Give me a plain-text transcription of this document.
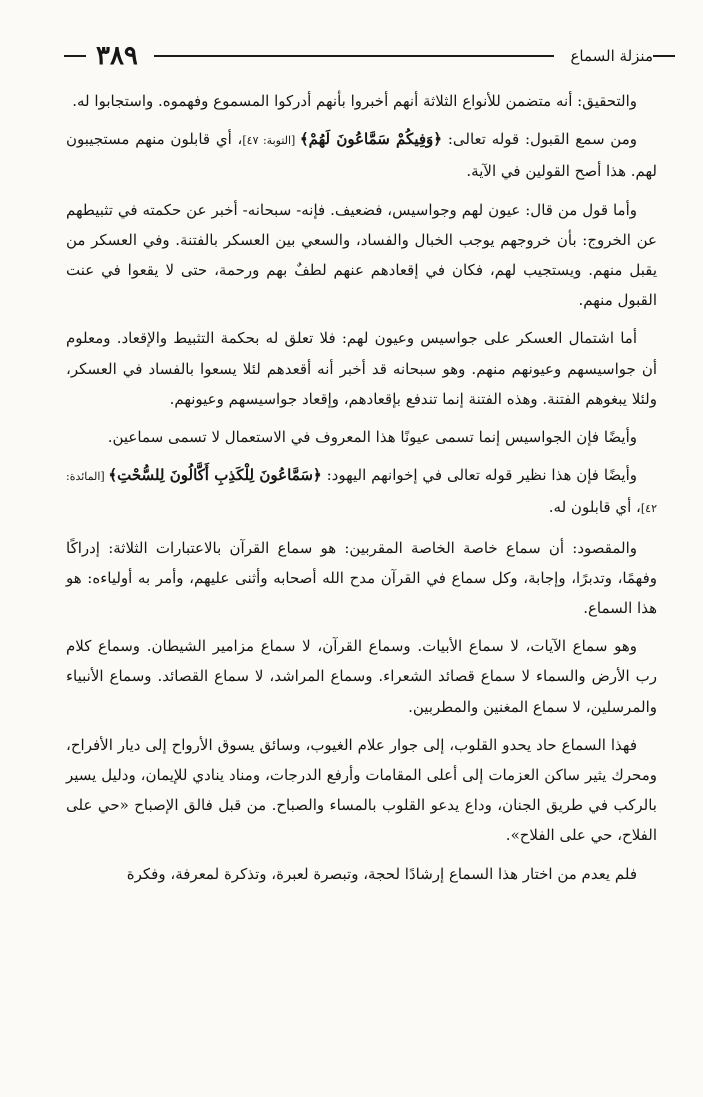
منزلة السماع
٣٨٩

والتحقيق: أنه متضمن للأنواع الثلاثة أنهم أخبروا بأنهم أدركوا المسموع وفهموه. واستجابوا له.

ومن سمع القبول: قوله تعالى: ﴿وَفِيكُمْ سَمَّاعُونَ لَهُمْ﴾ [التوبة: ٤٧]، أي قابلون منهم مستجيبون لهم. هذا أصح القولين في الآية.

وأما قول من قال: عيون لهم وجواسيس، فضعيف. فإنه- سبحانه- أخبر عن حكمته في تثبيطهم عن الخروج: بأن خروجهم يوجب الخبال والفساد، والسعي بين العسكر بالفتنة. وفي العسكر من يقبل منهم. ويستجيب لهم، فكان في إقعادهم عنهم لطفٌ بهم ورحمة، حتى لا يقعوا في عنت القبول منهم.

أما اشتمال العسكر على جواسيس وعيون لهم: فلا تعلق له بحكمة التثبيط والإقعاد. ومعلوم أن جواسيسهم وعيونهم منهم. وهو سبحانه قد أخبر أنه أقعدهم لئلا يسعوا بالفساد في العسكر، ولئلا يبغوهم الفتنة. وهذه الفتنة إنما تندفع بإقعادهم، وإقعاد جواسيسهم وعيونهم.

وأيضًا فإن الجواسيس إنما تسمى عيونًا هذا المعروف في الاستعمال لا تسمى سماعين.

وأيضًا فإن هذا نظير قوله تعالى في إخوانهم اليهود: ﴿سَمَّاعُونَ لِلْكَذِبِ أَكَّالُونَ لِلسُّحْتِ﴾ [المائدة: ٤٢]، أي قابلون له.

والمقصود: أن سماع خاصة الخاصة المقربين: هو سماع القرآن بالاعتبارات الثلاثة: إدراكًا وفهمًا، وتدبرًا، وإجابة، وكل سماع في القرآن مدح الله أصحابه وأثنى عليهم، وأمر به أولياءه: هو هذا السماع.

وهو سماع الآيات، لا سماع الأبيات. وسماع القرآن، لا سماع مزامير الشيطان. وسماع كلام رب الأرض والسماء لا سماع قصائد الشعراء. وسماع المراشد، لا سماع القصائد. وسماع الأنبياء والمرسلين، لا سماع المغنين والمطربين.

فهذا السماع حاد يحدو القلوب، إلى جوار علام الغيوب، وسائق يسوق الأرواح إلى ديار الأفراح، ومحرك يثير ساكن العزمات إلى أعلى المقامات وأرفع الدرجات، ومناد ينادي للإيمان، ودليل يسير بالركب في طريق الجنان، وداع يدعو القلوب بالمساء والصباح. من قبل فالق الإصباح «حي على الفلاح، حي على الفلاح».

فلم يعدم من اختار هذا السماع إرشادًا لحجة، وتبصرة لعبرة، وتذكرة لمعرفة، وفكرة
